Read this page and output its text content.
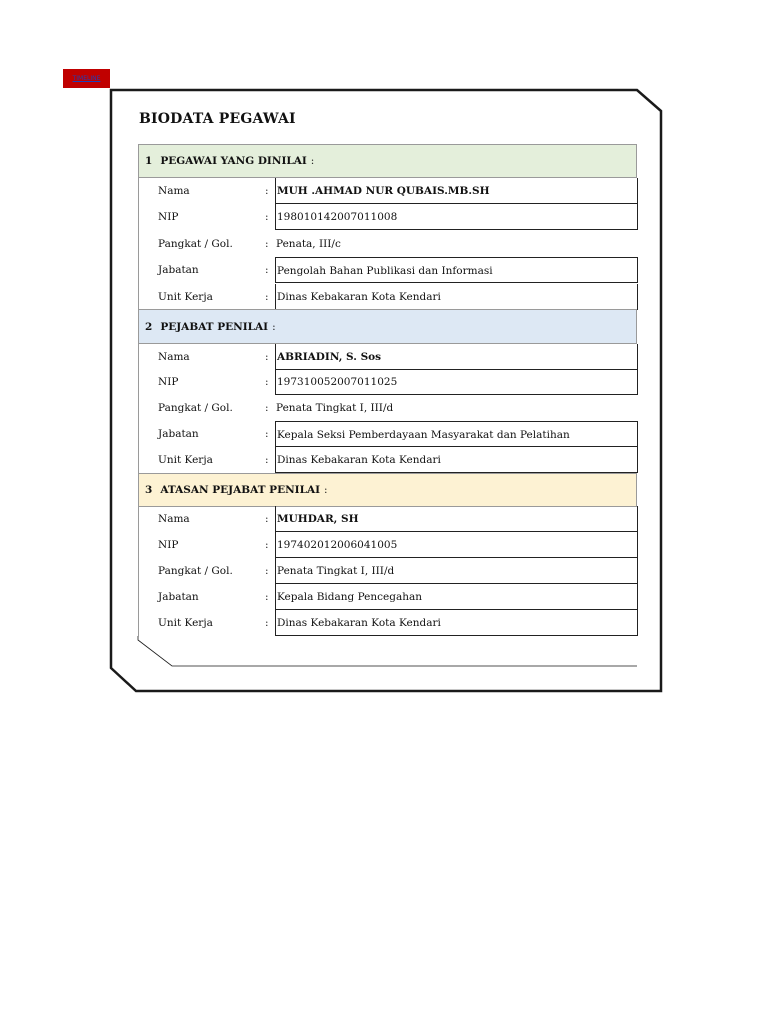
TIMELINE
BIODATA PEGAWAI
1 PEGAWAI YANG DINILAI :
Nama	: MUH .AHMAD NUR QUBAIS.MB.SH
NIP	: 198010142007011008
Pangkat / Gol.	: Penata, III/c
Jabatan	: Pengolah Bahan Publikasi dan Informasi
Unit Kerja	: Dinas Kebakaran Kota Kendari
2 PEJABAT PENILAI :
Nama	: ABRIADIN, S. Sos
NIP	: 197310052007011025
Pangkat / Gol.	: Penata Tingkat I, III/d
Jabatan	: Kepala Seksi Pemberdayaan Masyarakat dan Pelatihan
Unit Kerja	: Dinas Kebakaran Kota Kendari
3 ATASAN PEJABAT PENILAI :
Nama	: MUHDAR, SH
NIP	: 197402012006041005
Pangkat / Gol.	: Penata Tingkat I, III/d
Jabatan	: Kepala Bidang Pencegahan
Unit Kerja	: Dinas Kebakaran Kota Kendari
